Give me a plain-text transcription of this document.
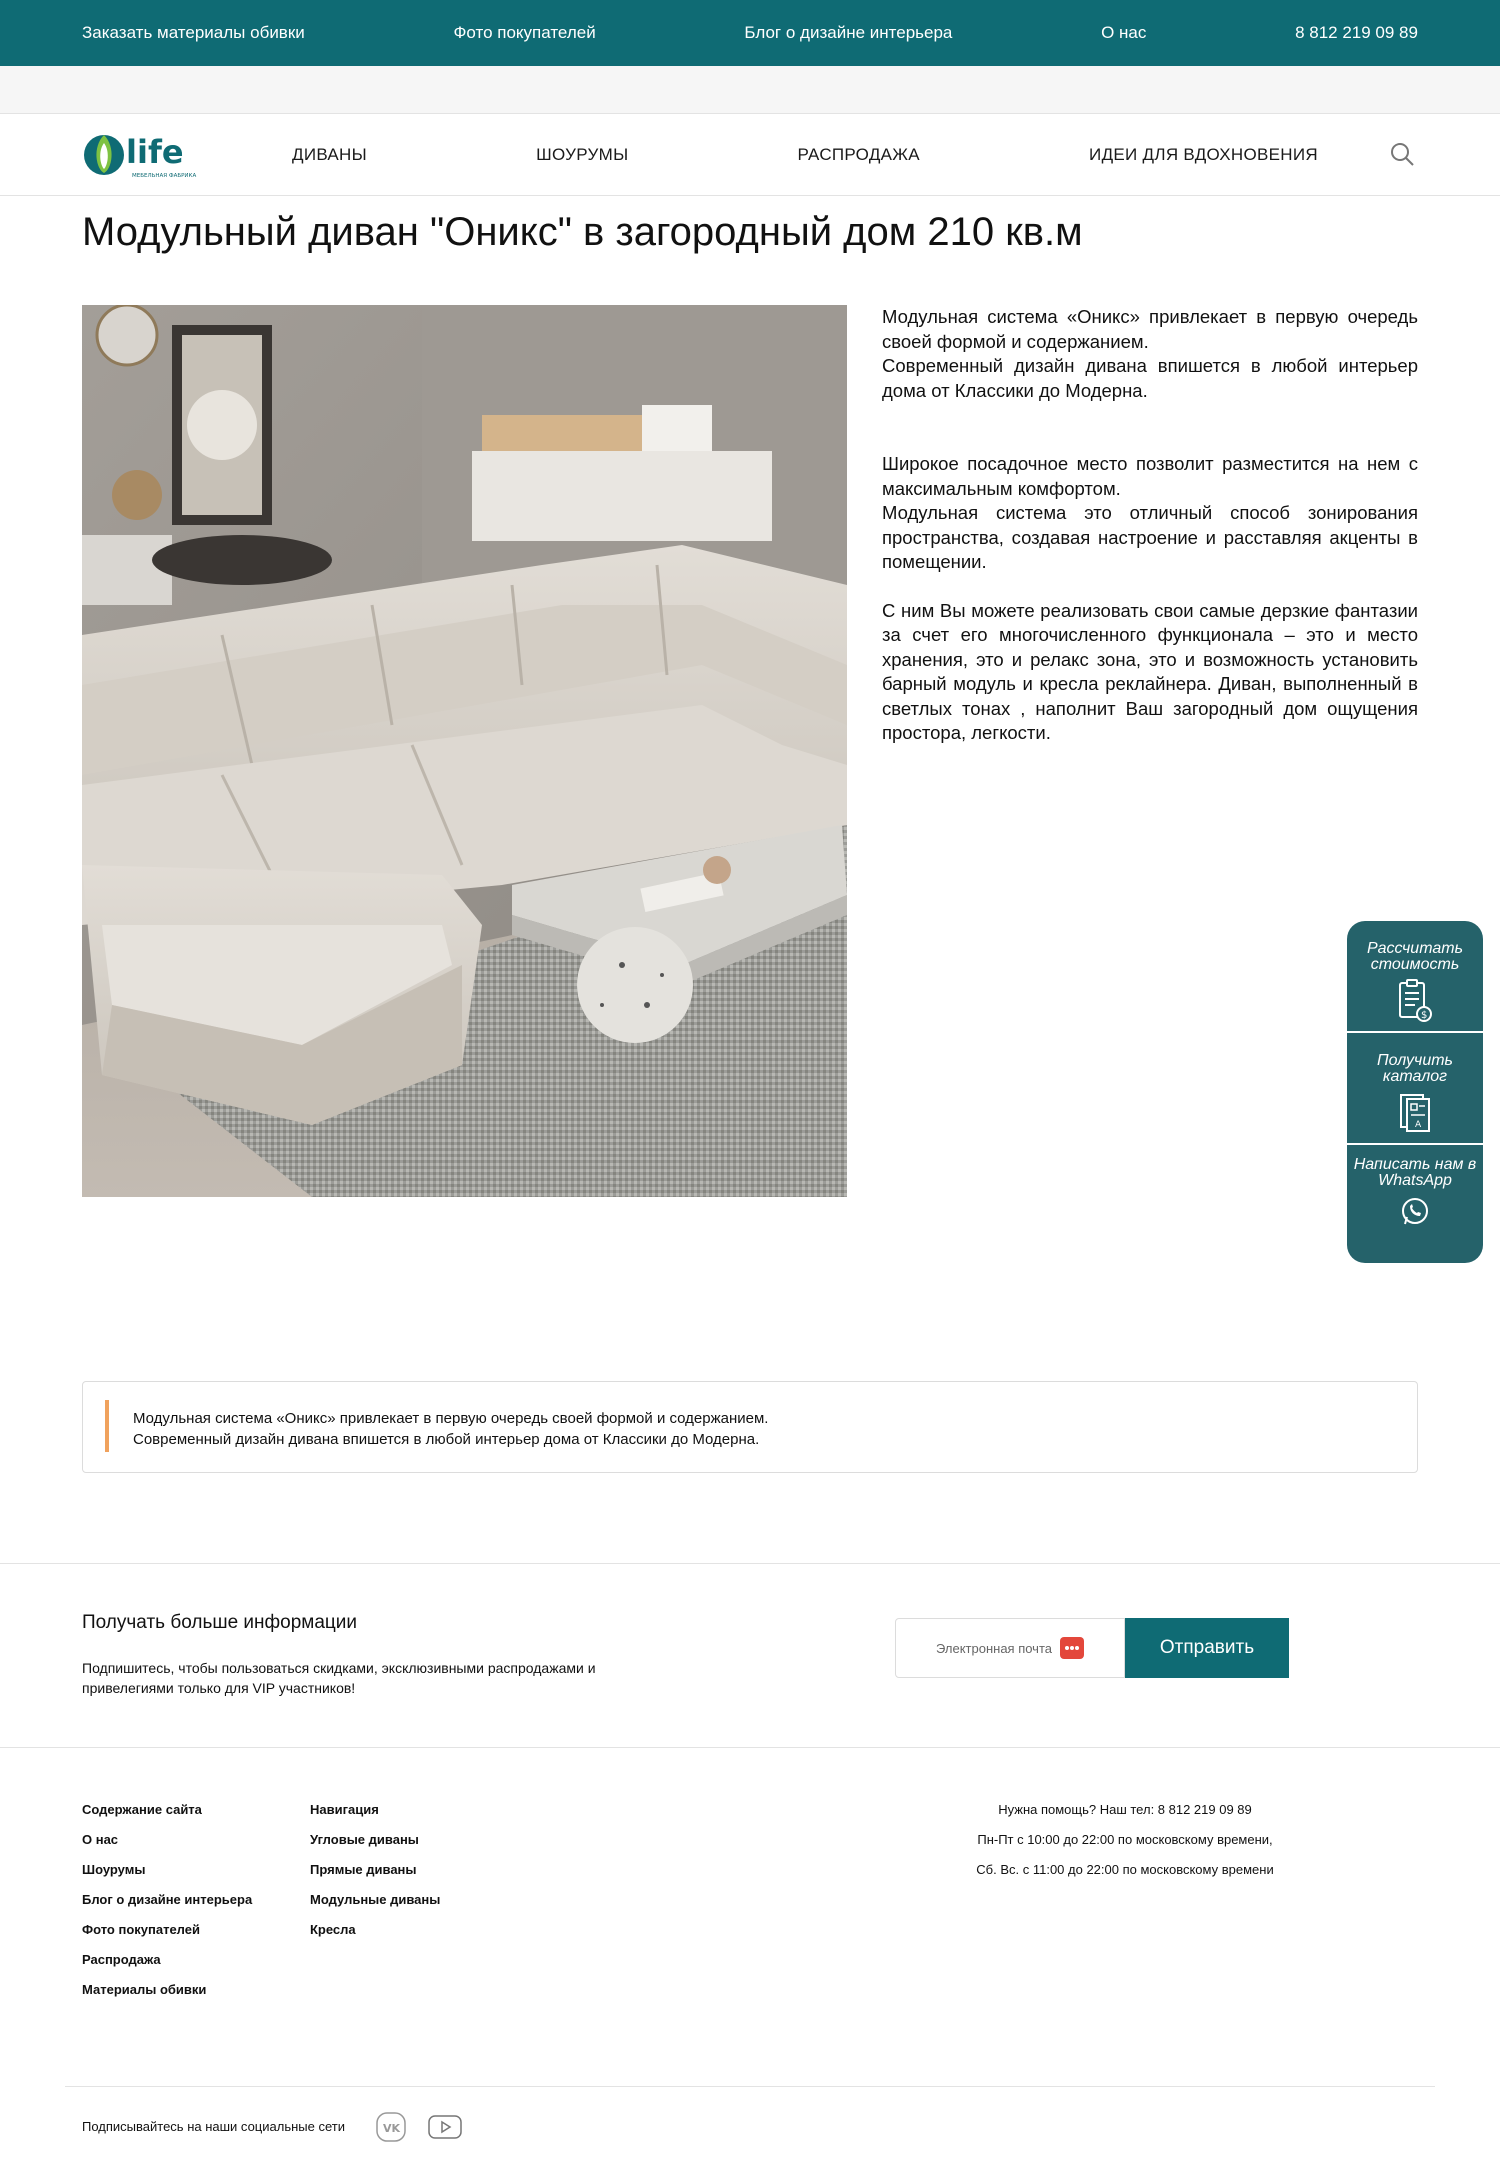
Заказать материалы обивки	Фото покупателей	Блог о дизайне интерьера	О нас	8 812 219 09 89
life
МЕБЕЛЬНАЯ ФАБРИКА
ДИВАНЫ	ШОУРУМЫ	РАСПРОДАЖА	ИДЕИ ДЛЯ ВДОХНОВЕНИЯ
Модульный диван "Оникс" в загородный дом 210 кв.м

Модульная система «Оникс» привлекает в первую очередь своей формой и содержанием.

Современный дизайн дивана впишется в любой интерьер дома от Классики до Модерна.

Широкое посадочное место позволит разместится на нем с максимальным комфортом.

Модульная система это отличный способ зонирования пространства, создавая настроение и расставляя акценты в помещении.

С ним Вы можете реализовать свои самые дерзкие фантазии за счет его многочисленного функционала – это и место хранения, это и релакс зона, это и возможность установить барный модуль и кресла реклайнера. Диван, выполненный в светлых тонах , наполнит Ваш загородный дом ощущения простора, легкости.

Рассчитать стоимость
$
Получить каталог
A
Написать нам в WhatsApp
Модульная система «Оникс» привлекает в первую очередь своей формой и содержанием.
Современный дизайн дивана впишется в любой интерьер дома от Классики до Модерна.
Получать больше информации

Подпишитесь, чтобы пользоваться скидками, эксклюзивными распродажами и привелегиями только для VIP участников!

Электронная почта	Отправить
Содержание сайта
О нас
Шоурумы
Блог о дизайне интерьера
Фото покупателей
Распродажа
Материалы обивки
Навигация
Угловые диваны
Прямые диваны
Модульные диваны
Кресла
Нужна помощь? Наш тел: 8 812 219 09 89
Пн-Пт с 10:00 до 22:00 по московскому времени,
Сб. Вс. с 11:00 до 22:00 по московскому времени
Подписывайтесь на наши социальные сети	VK
